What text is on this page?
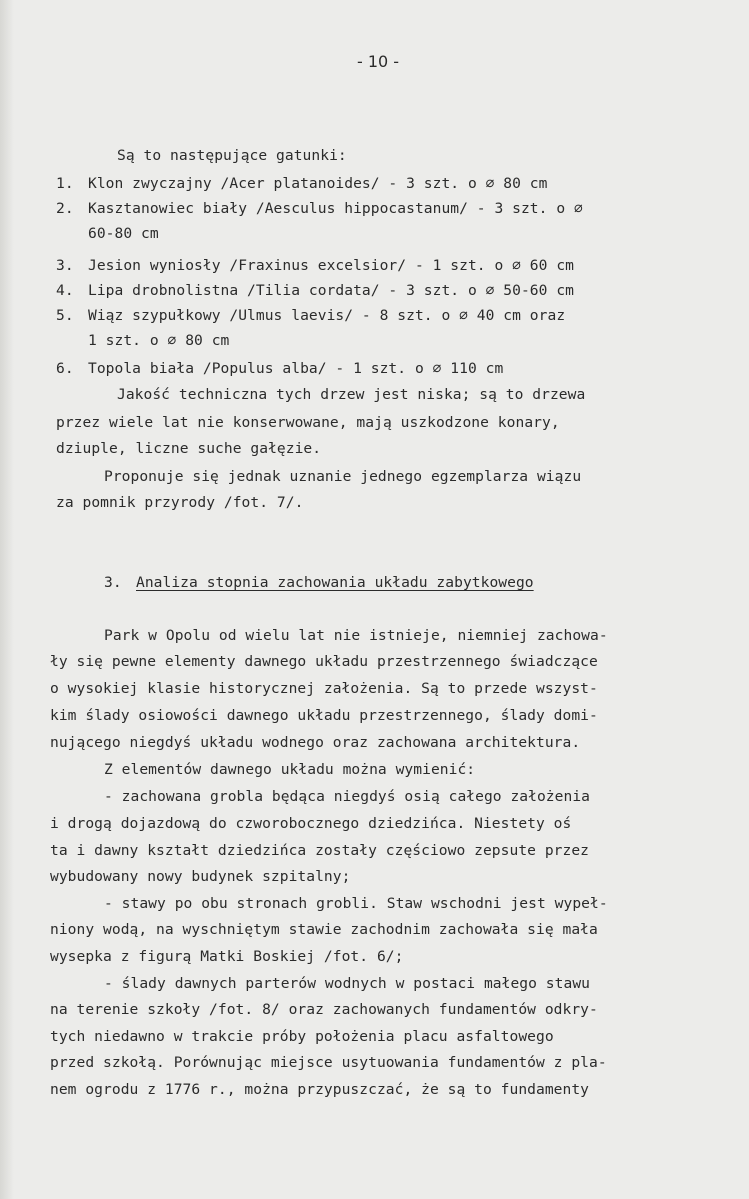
- 10 -

Są to następujące gatunki:

1. Klon zwyczajny /Acer platanoides/ - 3 szt. o ∅ 80 cm

2. Kasztanowiec biały /Aesculus hippocastanum/ - 3 szt. o ∅

60-80 cm

3. Jesion wyniosły /Fraxinus excelsior/ - 1 szt. o ∅ 60 cm

4. Lipa drobnolistna /Tilia cordata/ - 3 szt. o ∅ 50-60 cm

5. Wiąz szypułkowy /Ulmus laevis/ - 8 szt. o ∅ 40 cm oraz

1 szt. o ∅ 80 cm

6. Topola biała /Populus alba/ - 1 szt. o ∅ 110 cm

Jakość techniczna tych drzew jest niska; są to drzewa

przez wiele lat nie konserwowane, mają uszkodzone konary,

dziuple, liczne suche gałęzie.

Proponuje się jednak uznanie jednego egzemplarza wiązu

za pomnik przyrody /fot. 7/.

3. Analiza stopnia zachowania układu zabytkowego

Park w Opolu od wielu lat nie istnieje, niemniej zachowa-

ły się pewne elementy dawnego układu przestrzennego świadczące

o wysokiej klasie historycznej założenia. Są to przede wszyst-

kim ślady osiowości dawnego układu przestrzennego, ślady domi-

nującego niegdyś układu wodnego oraz zachowana architektura.

Z elementów dawnego układu można wymienić:

- zachowana grobla będąca niegdyś osią całego założenia

i drogą dojazdową do czworobocznego dziedzińca. Niestety oś

ta i dawny kształt dziedzińca zostały częściowo zepsute przez

wybudowany nowy budynek szpitalny;

- stawy po obu stronach grobli. Staw wschodni jest wypeł-

niony wodą, na wyschniętym stawie zachodnim zachowała się mała

wysepka z figurą Matki Boskiej /fot. 6/;

- ślady dawnych parterów wodnych w postaci małego stawu

na terenie szkoły /fot. 8/ oraz zachowanych fundamentów odkry-

tych niedawno w trakcie próby położenia placu asfaltowego

przed szkołą. Porównując miejsce usytuowania fundamentów z pla-

nem ogrodu z 1776 r., można przypuszczać, że są to fundamenty
